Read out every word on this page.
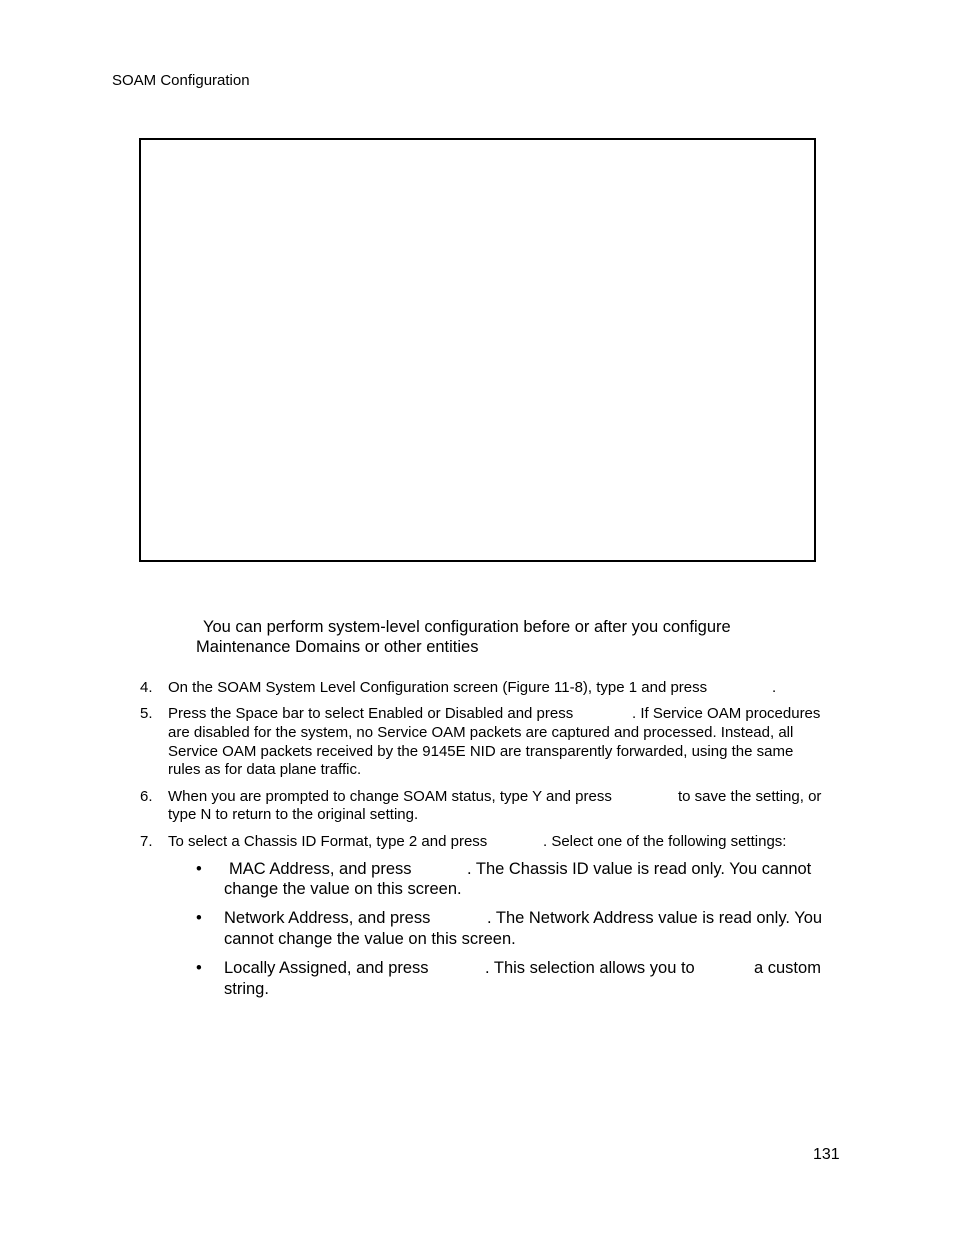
SOAM Configuration
You can perform system-level configuration before or after you configure
Maintenance Domains or other entities
4. On the SOAM System Level Configuration screen (Figure 11-8), type 1 and press	.
5. Press the Space bar to select Enabled or Disabled and press	. If Service OAM procedures
are disabled for the system, no Service OAM packets are captured and processed. Instead, all
Service OAM packets received by the 9145E NID are transparently forwarded, using the same
rules as for data plane traffic.
6. When you are prompted to change SOAM status, type Y and press	to save the setting, or
type N to return to the original setting.
7. To select a Chassis ID Format, type 2 and press	. Select one of the following settings:
• MAC Address, and press	. The Chassis ID value is read only. You cannot
change the value on this screen.
• Network Address, and press	. The Network Address value is read only. You
cannot change the value on this screen.
• Locally Assigned, and press	. This selection allows you to	a custom
string.
131
